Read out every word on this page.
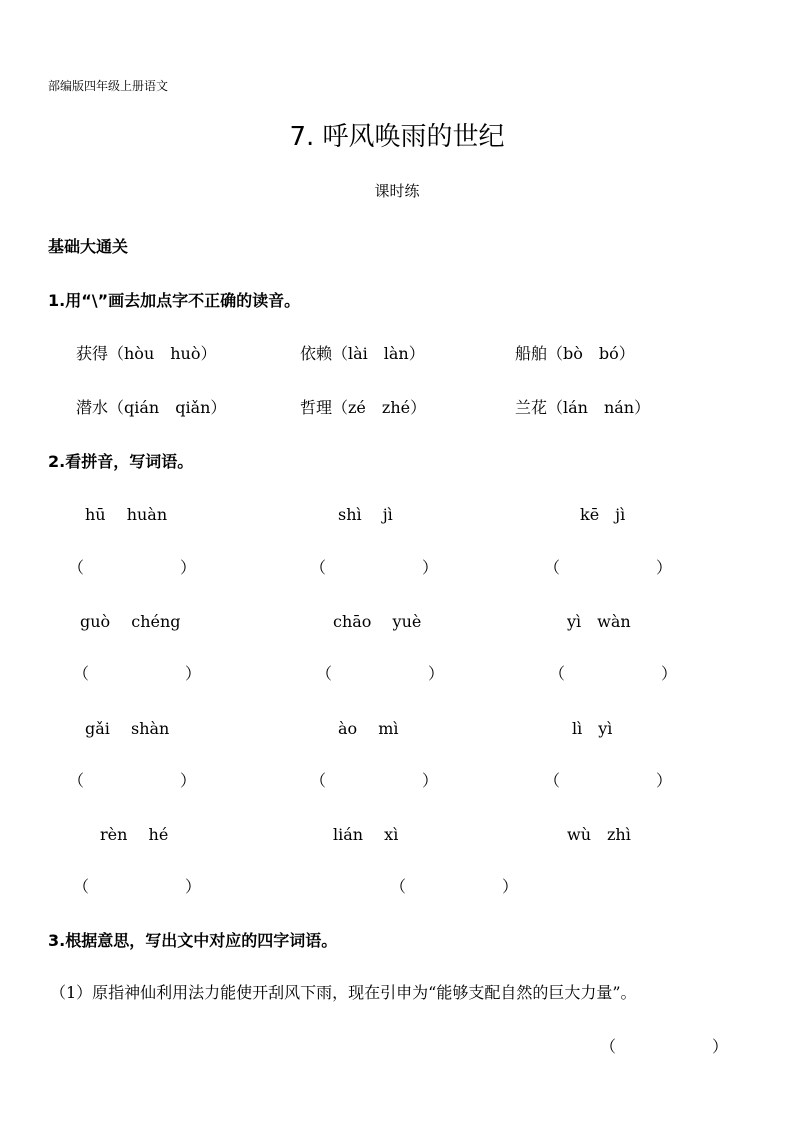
部编版四年级上册语文
7. 呼风唤雨的世纪
课时练
基础大通关
1.用“\”画去加点字不正确的读音。
获得（hòu　huò）	依赖（lài　làn）	船舶（bò　bó）
潜水（qián　qiǎn）	哲理（zé　zhé）	兰花（lán　nán）
2.看拼音，写词语。
hū　 huàn	shì　 jì	kē　jì
（　　　　　　）	（　　　　　　）	（　　　　　　）
guò　 chéng	chāo　 yuè	yì　wàn
（　　　　　　）	（　　　　　　）	（　　　　　　）
gǎi　 shàn	ào　 mì	lì　yì
（　　　　　　）	（　　　　　　）	（　　　　　　）
rèn　 hé	lián　 xì	wù　zhì
（　　　　　　）	（　　　　　　）
3.根据意思，写出文中对应的四字词语。
（1）原指神仙利用法力能使开刮风下雨，现在引申为“能够支配自然的巨大力量”。
（　　　　　　）
